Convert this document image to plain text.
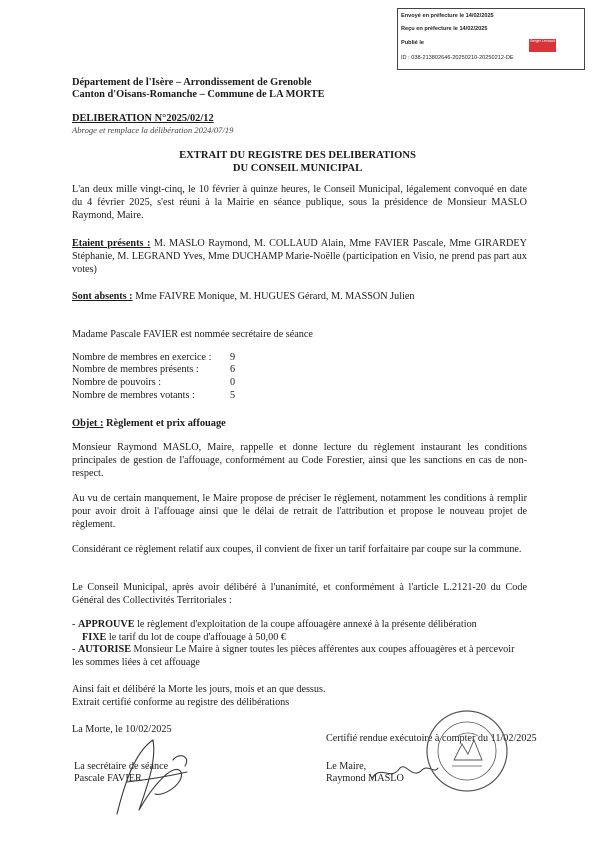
Envoyé en préfecture le 14/02/2025
Reçu en préfecture le 14/02/2025
Publié le
ID : 038-213802646-20250210-20250212-DE
Berger Levrault
Département de l'Isère – Arrondissement de Grenoble
Canton d'Oisans-Romanche – Commune de LA MORTE
DELIBERATION N°2025/02/12
Abroge et remplace la délibération 2024/07/19
EXTRAIT DU REGISTRE DES DELIBERATIONS
DU CONSEIL MUNICIPAL
L'an deux mille vingt-cinq, le 10 février à quinze heures, le Conseil Municipal, légalement convoqué en date du 4 février 2025, s'est réuni à la Mairie en séance publique, sous la présidence de Monsieur MASLO Raymond, Maire.
Etaient présents : M. MASLO Raymond, M. COLLAUD Alain, Mme FAVIER Pascale, Mme GIRARDEY Stéphanie, M. LEGRAND Yves, Mme DUCHAMP Marie-Noëlle (participation en Visio, ne prend pas part aux votes)
Sont absents : Mme FAIVRE Monique, M. HUGUES Gérard, M. MASSON Julien
Madame Pascale FAVIER est nommée secrétaire de séance
Nombre de membres en exercice : 9
Nombre de membres présents :	6
Nombre de pouvoirs :	0
Nombre de membres votants :	5
Objet : Règlement et prix affouage
Monsieur Raymond MASLO, Maire, rappelle et donne lecture du règlement instaurant les conditions principales de gestion de l'affouage, conformément au Code Forestier, ainsi que les sanctions en cas de non-respect.
Au vu de certain manquement, le Maire propose de préciser le règlement, notamment les conditions à remplir pour avoir droit à l'affouage ainsi que le délai de retrait de l'attribution et propose le nouveau projet de règlement.
Considérant ce règlement relatif aux coupes, il convient de fixer un tarif forfaitaire par coupe sur la commune.
Le Conseil Municipal, après avoir délibéré à l'unanimité, et conformément à l'article L.2121-20 du Code Général des Collectivités Territoriales :
- APPROUVE le règlement d'exploitation de la coupe affouagère annexé à la présente délibération
FIXE le tarif du lot de coupe d'affouage à 50,00 €
- AUTORISE Monsieur Le Maire à signer toutes les pièces afférentes aux coupes affouagères et à percevoir les sommes liées à cet affouage
Ainsi fait et délibéré la Morte les jours, mois et an que dessus.
Extrait certifié conforme au registre des délibérations
La Morte, le 10/02/2025
Certifié rendue exécutoire à compter du 11/02/2025
La secrétaire de séance
Pascale FAVIER
Le Maire,
Raymond MASLO
